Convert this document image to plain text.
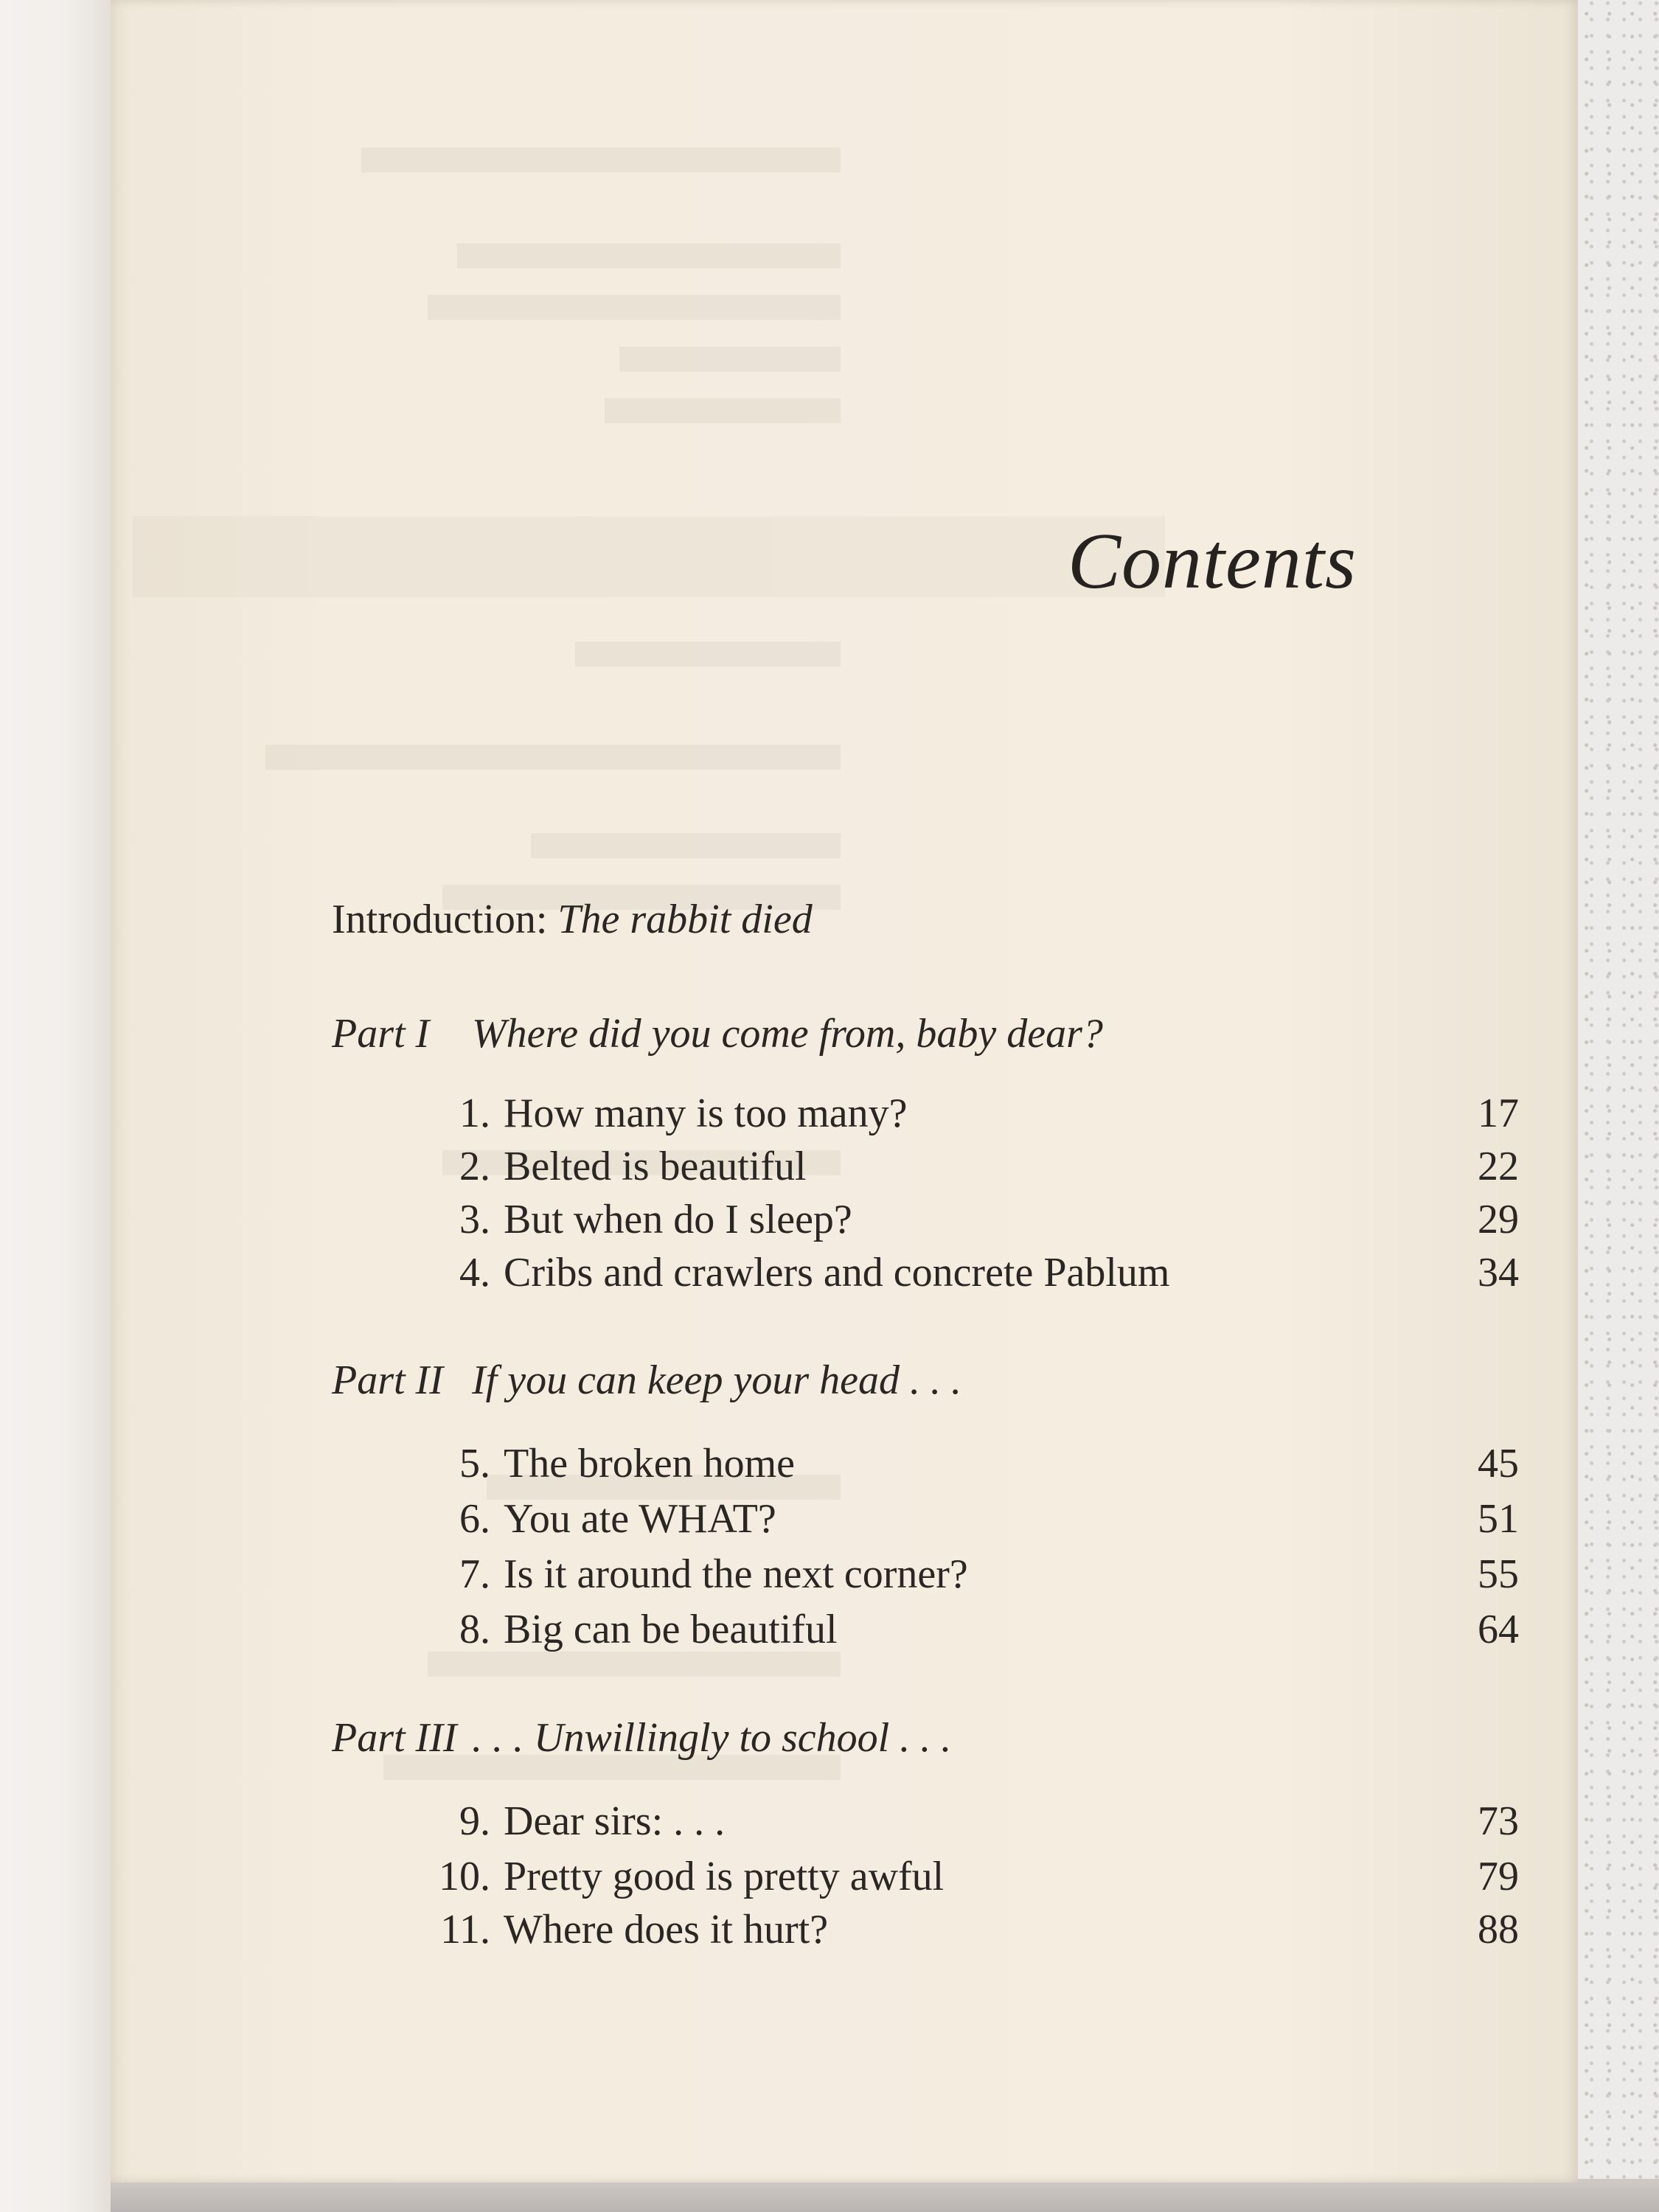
Contents
Introduction: The rabbit died
Part I Where did you come from, baby dear?
1. How many is too many?	17
2. Belted is beautiful	22
3. But when do I sleep?	29
4. Cribs and crawlers and concrete Pablum	34
Part II If you can keep your head . . .
5. The broken home	45
6. You ate WHAT?	51
7. Is it around the next corner?	55
8. Big can be beautiful	64
Part III . . . Unwillingly to school . . .
9. Dear sirs: . . .	73
10. Pretty good is pretty awful	79
11. Where does it hurt?	88
